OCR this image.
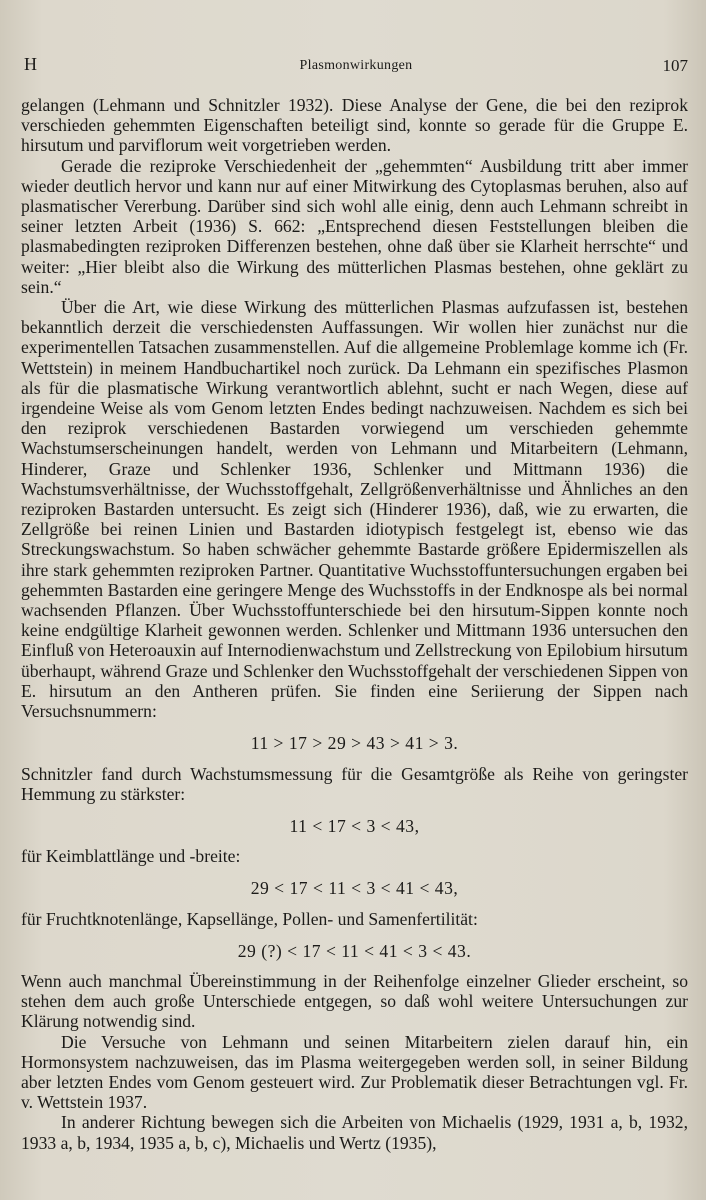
H	Plasmonwirkungen	107

gelangen (Lehmann und Schnitzler 1932). Diese Analyse der Gene, die bei den reziprok verschieden gehemmten Eigenschaften beteiligt sind, konnte so gerade für die Gruppe E. hirsutum und parviflorum weit vorgetrieben werden.

Gerade die reziproke Verschiedenheit der „gehemmten“ Ausbildung tritt aber immer wieder deutlich hervor und kann nur auf einer Mitwirkung des Cytoplasmas beruhen, also auf plasmatischer Vererbung. Darüber sind sich wohl alle einig, denn auch Lehmann schreibt in seiner letzten Arbeit (1936) S. 662: „Entsprechend diesen Feststellungen bleiben die plasmabedingten reziproken Differenzen bestehen, ohne daß über sie Klarheit herrschte“ und weiter: „Hier bleibt also die Wirkung des mütterlichen Plasmas bestehen, ohne geklärt zu sein.“

Über die Art, wie diese Wirkung des mütterlichen Plasmas aufzufassen ist, bestehen bekanntlich derzeit die verschiedensten Auffassungen. Wir wollen hier zunächst nur die experimentellen Tatsachen zusammenstellen. Auf die allgemeine Problemlage komme ich (Fr. Wettstein) in meinem Handbuchartikel noch zurück. Da Lehmann ein spezifisches Plasmon als für die plasmatische Wirkung verantwortlich ablehnt, sucht er nach Wegen, diese auf irgendeine Weise als vom Genom letzten Endes bedingt nachzuweisen. Nachdem es sich bei den reziprok verschiedenen Bastarden vorwiegend um verschieden gehemmte Wachstumserscheinungen handelt, werden von Lehmann und Mitarbeitern (Lehmann, Hinderer, Graze und Schlenker 1936, Schlenker und Mittmann 1936) die Wachstumsverhältnisse, der Wuchsstoffgehalt, Zellgrößenverhältnisse und Ähnliches an den reziproken Bastarden untersucht. Es zeigt sich (Hinderer 1936), daß, wie zu erwarten, die Zellgröße bei reinen Linien und Bastarden idiotypisch festgelegt ist, ebenso wie das Streckungswachstum. So haben schwächer gehemmte Bastarde größere Epidermiszellen als ihre stark gehemmten reziproken Partner. Quantitative Wuchsstoffuntersuchungen ergaben bei gehemmten Bastarden eine geringere Menge des Wuchsstoffs in der Endknospe als bei normal wachsenden Pflanzen. Über Wuchsstoffunterschiede bei den hirsutum-Sippen konnte noch keine endgültige Klarheit gewonnen werden. Schlenker und Mittmann 1936 untersuchen den Einfluß von Heteroauxin auf Internodienwachstum und Zellstreckung von Epilobium hirsutum überhaupt, während Graze und Schlenker den Wuchsstoffgehalt der verschiedenen Sippen von E. hirsutum an den Antheren prüfen. Sie finden eine Seriierung der Sippen nach Versuchsnummern:

11 > 17 > 29 > 43 > 41 > 3.

Schnitzler fand durch Wachstumsmessung für die Gesamtgröße als Reihe von geringster Hemmung zu stärkster:

11 < 17 < 3 < 43,

für Keimblattlänge und -breite:

29 < 17 < 11 < 3 < 41 < 43,

für Fruchtknotenlänge, Kapsellänge, Pollen- und Samenfertilität:

29 (?) < 17 < 11 < 41 < 3 < 43.

Wenn auch manchmal Übereinstimmung in der Reihenfolge einzelner Glieder erscheint, so stehen dem auch große Unterschiede entgegen, so daß wohl weitere Untersuchungen zur Klärung notwendig sind.

Die Versuche von Lehmann und seinen Mitarbeitern zielen darauf hin, ein Hormonsystem nachzuweisen, das im Plasma weitergegeben werden soll, in seiner Bildung aber letzten Endes vom Genom gesteuert wird. Zur Problematik dieser Betrachtungen vgl. Fr. v. Wettstein 1937.

In anderer Richtung bewegen sich die Arbeiten von Michaelis (1929, 1931 a, b, 1932, 1933 a, b, 1934, 1935 a, b, c), Michaelis und Wertz (1935),
